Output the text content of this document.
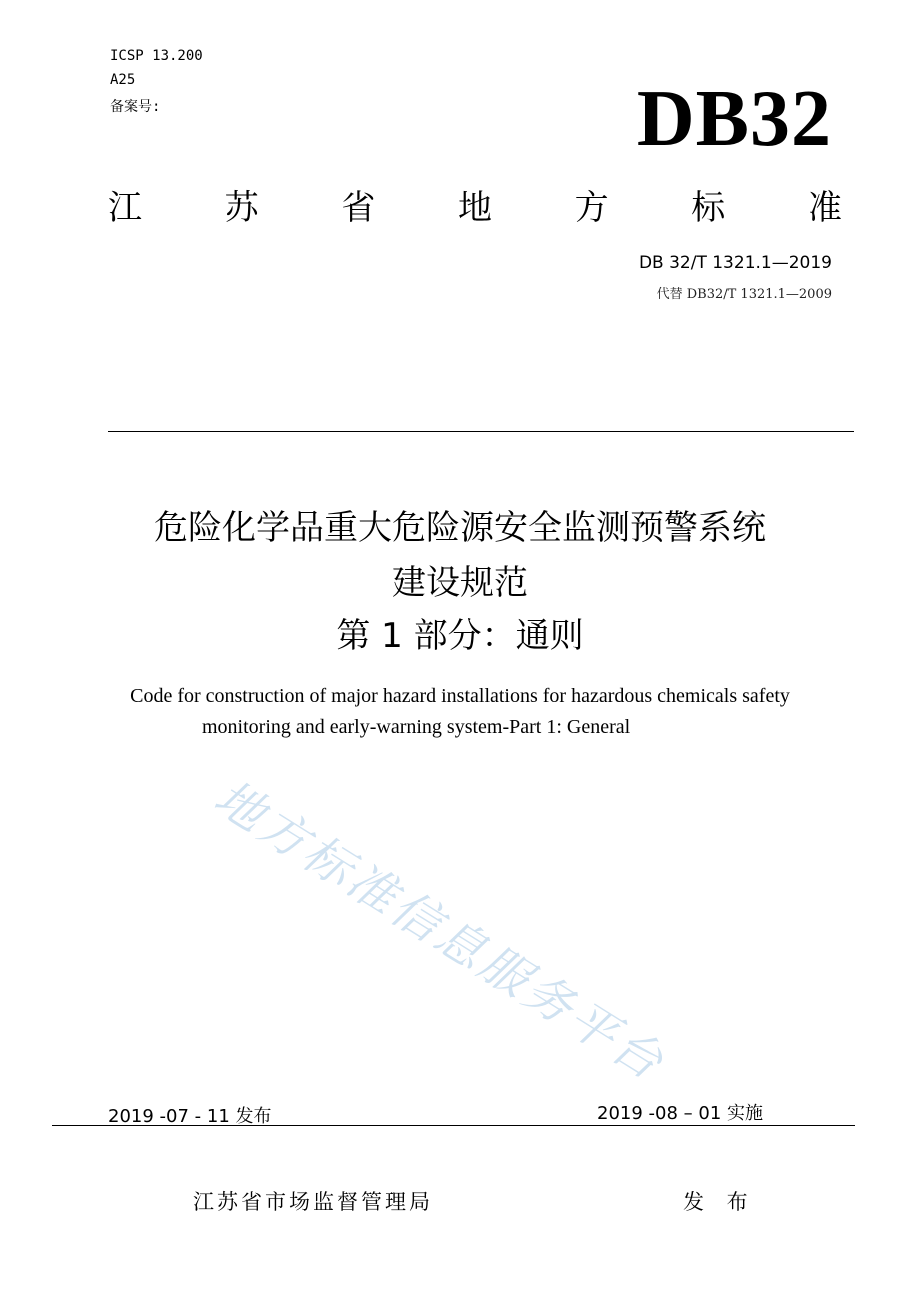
ICSP 13.200
A25
备案号:	DB32
江 苏 省 地 方 标 准
DB 32/T 1321.1—2019
代替 DB32/T 1321.1—2009
危险化学品重大危险源安全监测预警系统
建设规范
第 1 部分：通则
Code for construction of major hazard installations for hazardous chemicals safety
monitoring and early-warning system-Part 1: General
地方标准信息服务平台
2019 -07 - 11 发布	2019 -08 – 01 实施
江苏省市场监督管理局	发 布
